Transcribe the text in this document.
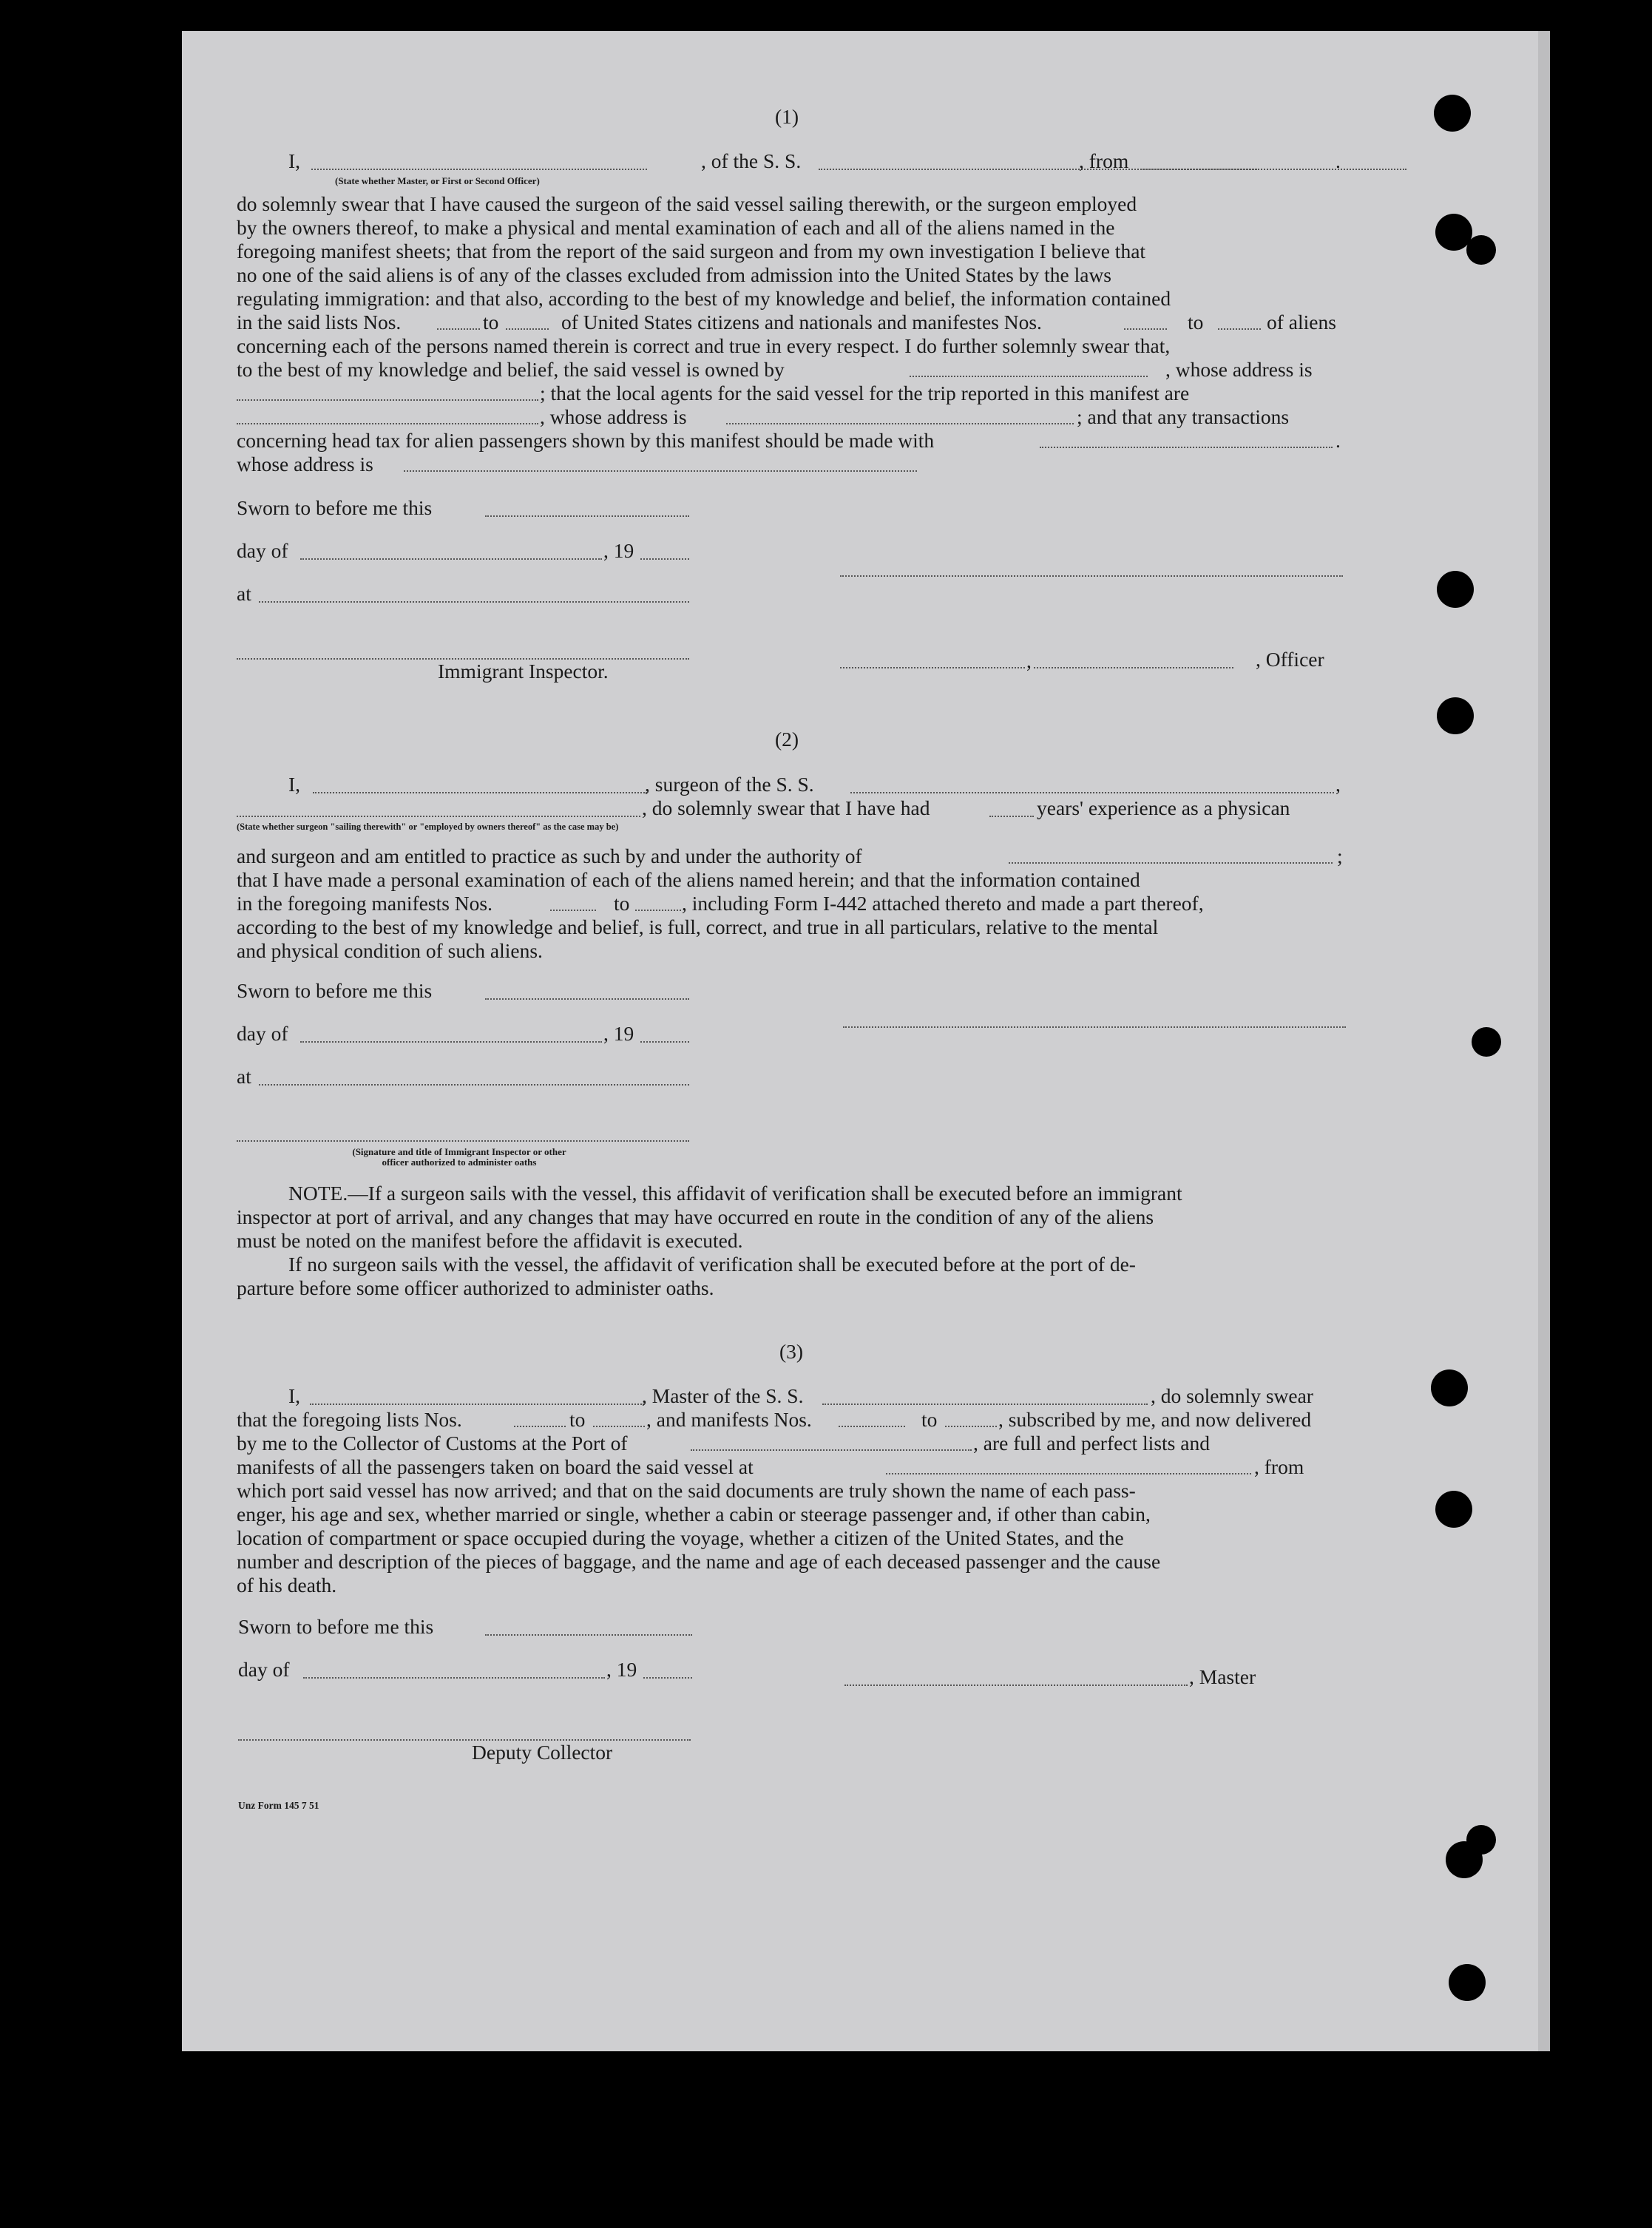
(1)
I,	, of the S. S.	, from	.
(State whether Master, or First or Second Officer)
do solemnly swear that I have caused the surgeon of the said vessel sailing therewith, or the surgeon employed
by the owners thereof, to make a physical and mental examination of each and all of the aliens named in the
foregoing manifest sheets; that from the report of the said surgeon and from my own investigation I believe that
no one of the said aliens is of any of the classes excluded from admission into the United States by the laws
regulating immigration: and that also, according to the best of my knowledge and belief, the information contained
in the said lists Nos.	to	of United States citizens and nationals and manifestes Nos.	to	of aliens
concerning each of the persons named therein is correct and true in every respect. I do further solemnly swear that,
to the best of my knowledge and belief, the said vessel is owned by	, whose address is
; that the local agents for the said vessel for the trip reported in this manifest are
, whose address is	; and that any transactions
concerning head tax for alien passengers shown by this manifest should be made with	.
whose address is
Sworn to before me this
day of	, 19
at
Immigrant Inspector.	,	, Officer
(2)
I,	, surgeon of the S. S.	,
, do solemnly swear that I have had	years' experience as a physican
(State whether surgeon "sailing therewith" or "employed by owners thereof" as the case may be)
and surgeon and am entitled to practice as such by and under the authority of	;
that I have made a personal examination of each of the aliens named herein; and that the information contained
in the foregoing manifests Nos.	to	, including Form I-442 attached thereto and made a part thereof,
according to the best of my knowledge and belief, is full, correct, and true in all particulars, relative to the mental
and physical condition of such aliens.
Sworn to before me this
day of	, 19
at
(Signature and title of Immigrant Inspector or other
officer authorized to administer oaths
NOTE.—If a surgeon sails with the vessel, this affidavit of verification shall be executed before an immigrant
inspector at port of arrival, and any changes that may have occurred en route in the condition of any of the aliens
must be noted on the manifest before the affidavit is executed.
If no surgeon sails with the vessel, the affidavit of verification shall be executed before at the port of de-
parture before some officer authorized to administer oaths.
(3)
I,	, Master of the S. S.	, do solemnly swear
that the foregoing lists Nos.	to	, and manifests Nos.	to	, subscribed by me, and now delivered
by me to the Collector of Customs at the Port of	, are full and perfect lists and
manifests of all the passengers taken on board the said vessel at	, from
which port said vessel has now arrived; and that on the said documents are truly shown the name of each pass-
enger, his age and sex, whether married or single, whether a cabin or steerage passenger and, if other than cabin,
location of compartment or space occupied during the voyage, whether a citizen of the United States, and the
number and description of the pieces of baggage, and the name and age of each deceased passenger and the cause
of his death.
Sworn to before me this
day of	, 19	, Master
Deputy Collector
Unz Form 145 7 51
